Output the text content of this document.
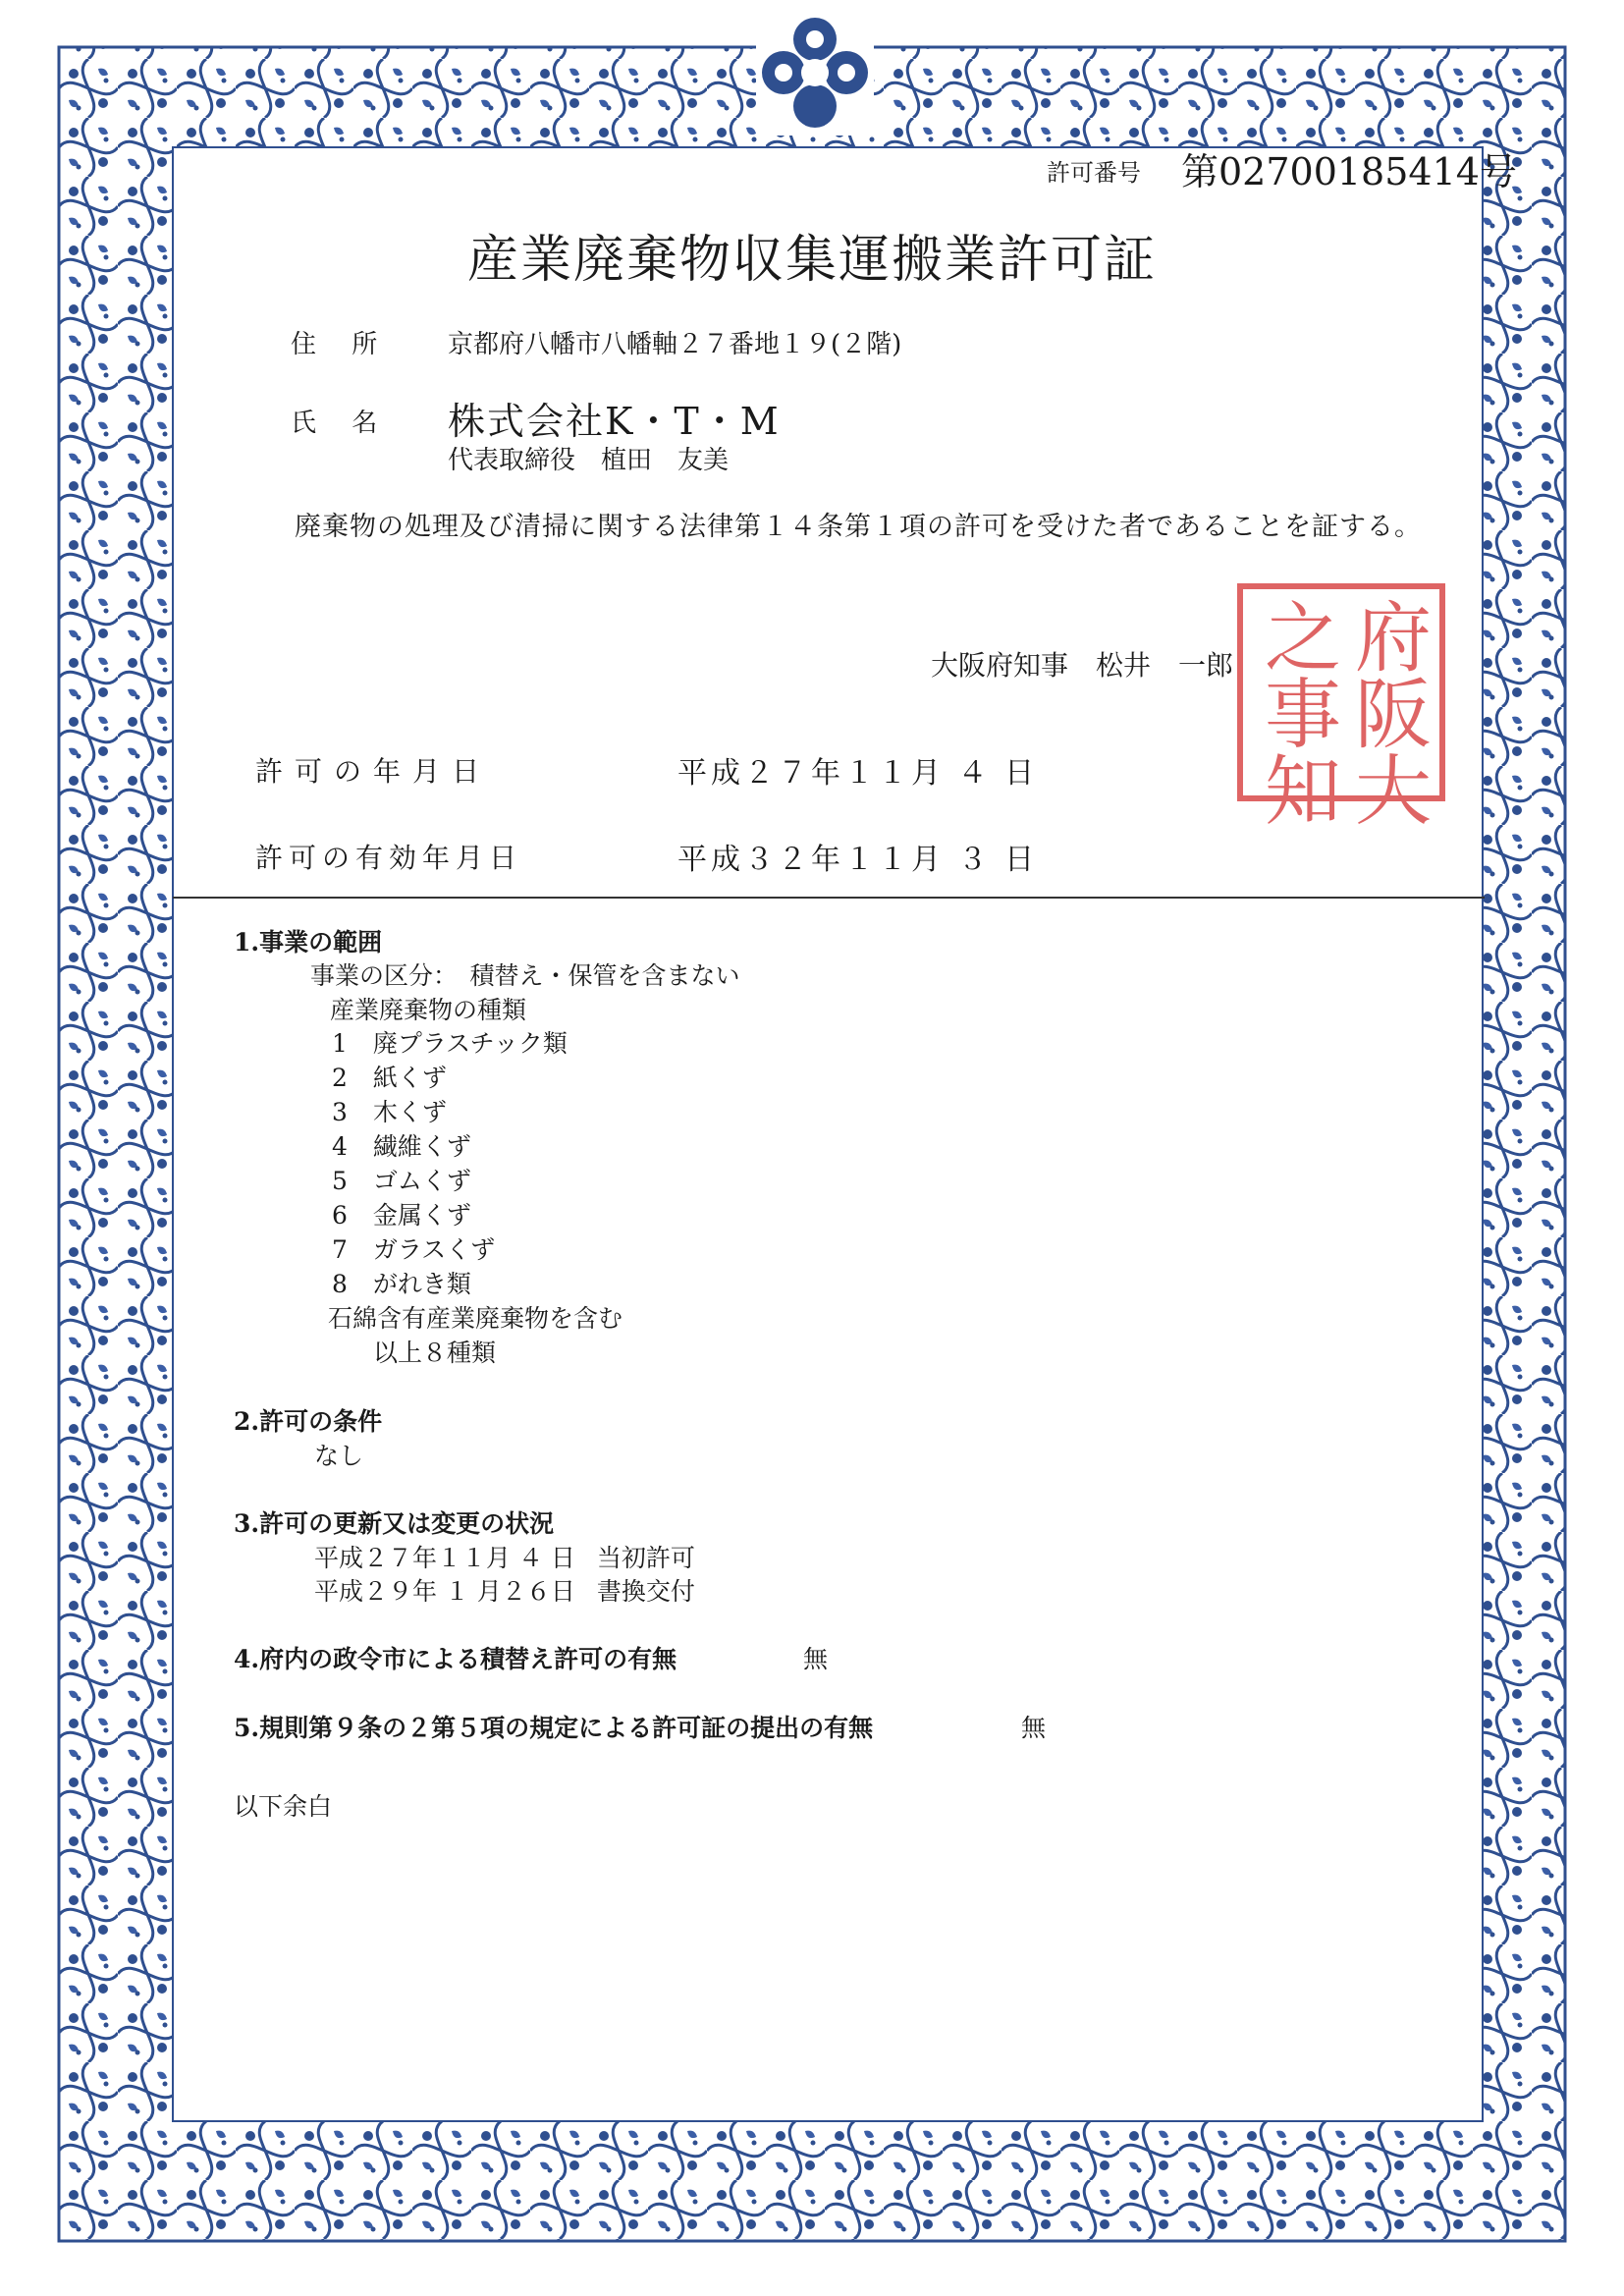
許可番号 第02700185414号
産業廃棄物収集運搬業許可証
住 所 京都府八幡市八幡軸２７番地１９(２階)
氏 名 株式会社K・T・M
代表取締役　植田　友美
廃棄物の処理及び清掃に関する法律第１４条第１項の許可を受けた者であることを証する。
大阪府知事　松井　一郎 府
阪
大
之
事
知
許可の年月日	平成２７年１１月 ４ 日
許可の有効年月日	平成３２年１１月 ３ 日
1.事業の範囲
事業の区分：　積替え・保管を含まない
産業廃棄物の種類
1 廃プラスチック類
2 紙くず
3 木くず
4 繊維くず
5 ゴムくず
6 金属くず
7 ガラスくず
8 がれき類
石綿含有産業廃棄物を含む
以上８種類
2.許可の条件
なし
3.許可の更新又は変更の状況
平成２７年１１月 ４ 日 当初許可
平成２９年 １ 月２６日 書換交付
4.府内の政令市による積替え許可の有無	無
5.規則第９条の２第５項の規定による許可証の提出の有無	無
以下余白
